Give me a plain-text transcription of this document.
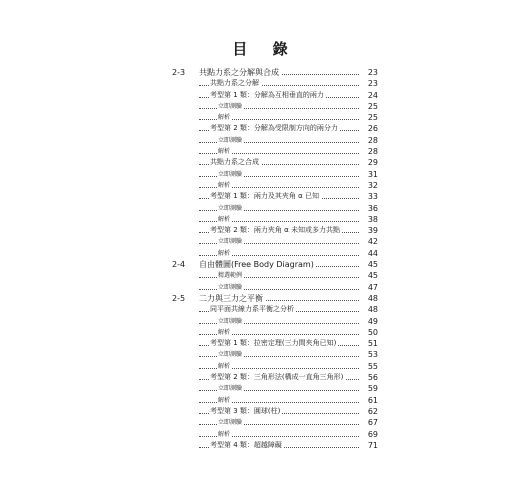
目 錄
2-3 共點力系之分解與合成	23
共點力系之分解	23
考型第 1 類：分解為互相垂直的兩力	24
立即測驗	25
解析	25
考型第 2 類：分解為受限制方向的兩分力	26
立即測驗	28
解析	28
共點力系之合成	29
立即測驗	31
解析	32
考型第 1 類：兩力及其夾角 α 已知	33
立即測驗	36
解析	38
考型第 2 類：兩力夾角 α 未知或多力共點	39
立即測驗	42
解析	44
2-4 自由體圖(Free Body Diagram)	45
精選範例	45
立即測驗	47
2-5 二力與三力之平衡	48
同平面共線力系平衡之分析	48
立即測驗	49
解析	50
考型第 1 類：拉密定理(三力間夾角已知)	51
立即測驗	53
解析	55
考型第 2 類：三角形法(構成一直角三角形)	56
立即測驗	59
解析	61
考型第 3 類：圓球(柱)	62
立即測驗	67
解析	69
考型第 4 類：超越障礙	71
